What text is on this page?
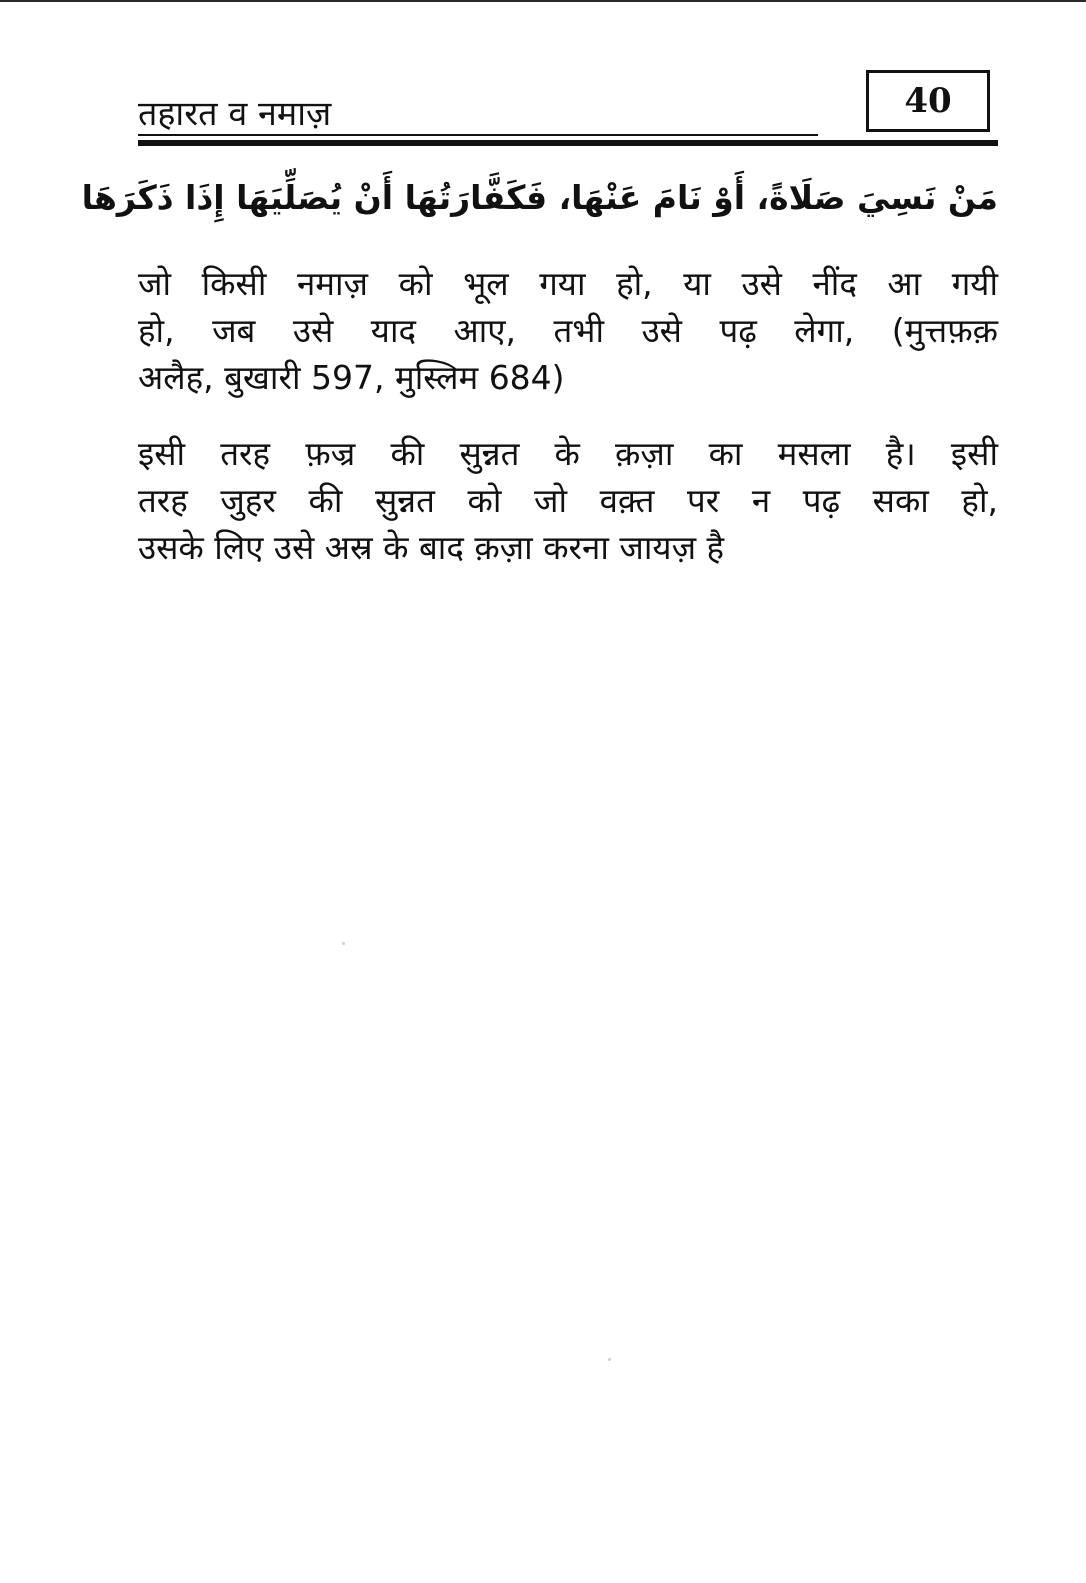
तहारत व नमाज़	40
مَنْ نَسِيَ صَلَاةً، أَوْ نَامَ عَنْهَا، فَكَفَّارَتُهَا أَنْ يُصَلِّيَهَا إِذَا ذَكَرَهَا
जो किसी नमाज़ को भूल गया हो, या उसे नींद आ गयी
हो, जब उसे याद आए, तभी उसे पढ़ लेगा, (मुत्तफ़क़
अलैह, बुखारी 597, मुस्लिम 684)
इसी तरह फ़ज्र की सुन्नत के क़ज़ा का मसला है। इसी
तरह जुहर की सुन्नत को जो वक़्त पर न पढ़ सका हो,
उसके लिए उसे अस्र के बाद क़ज़ा करना जायज़ है
